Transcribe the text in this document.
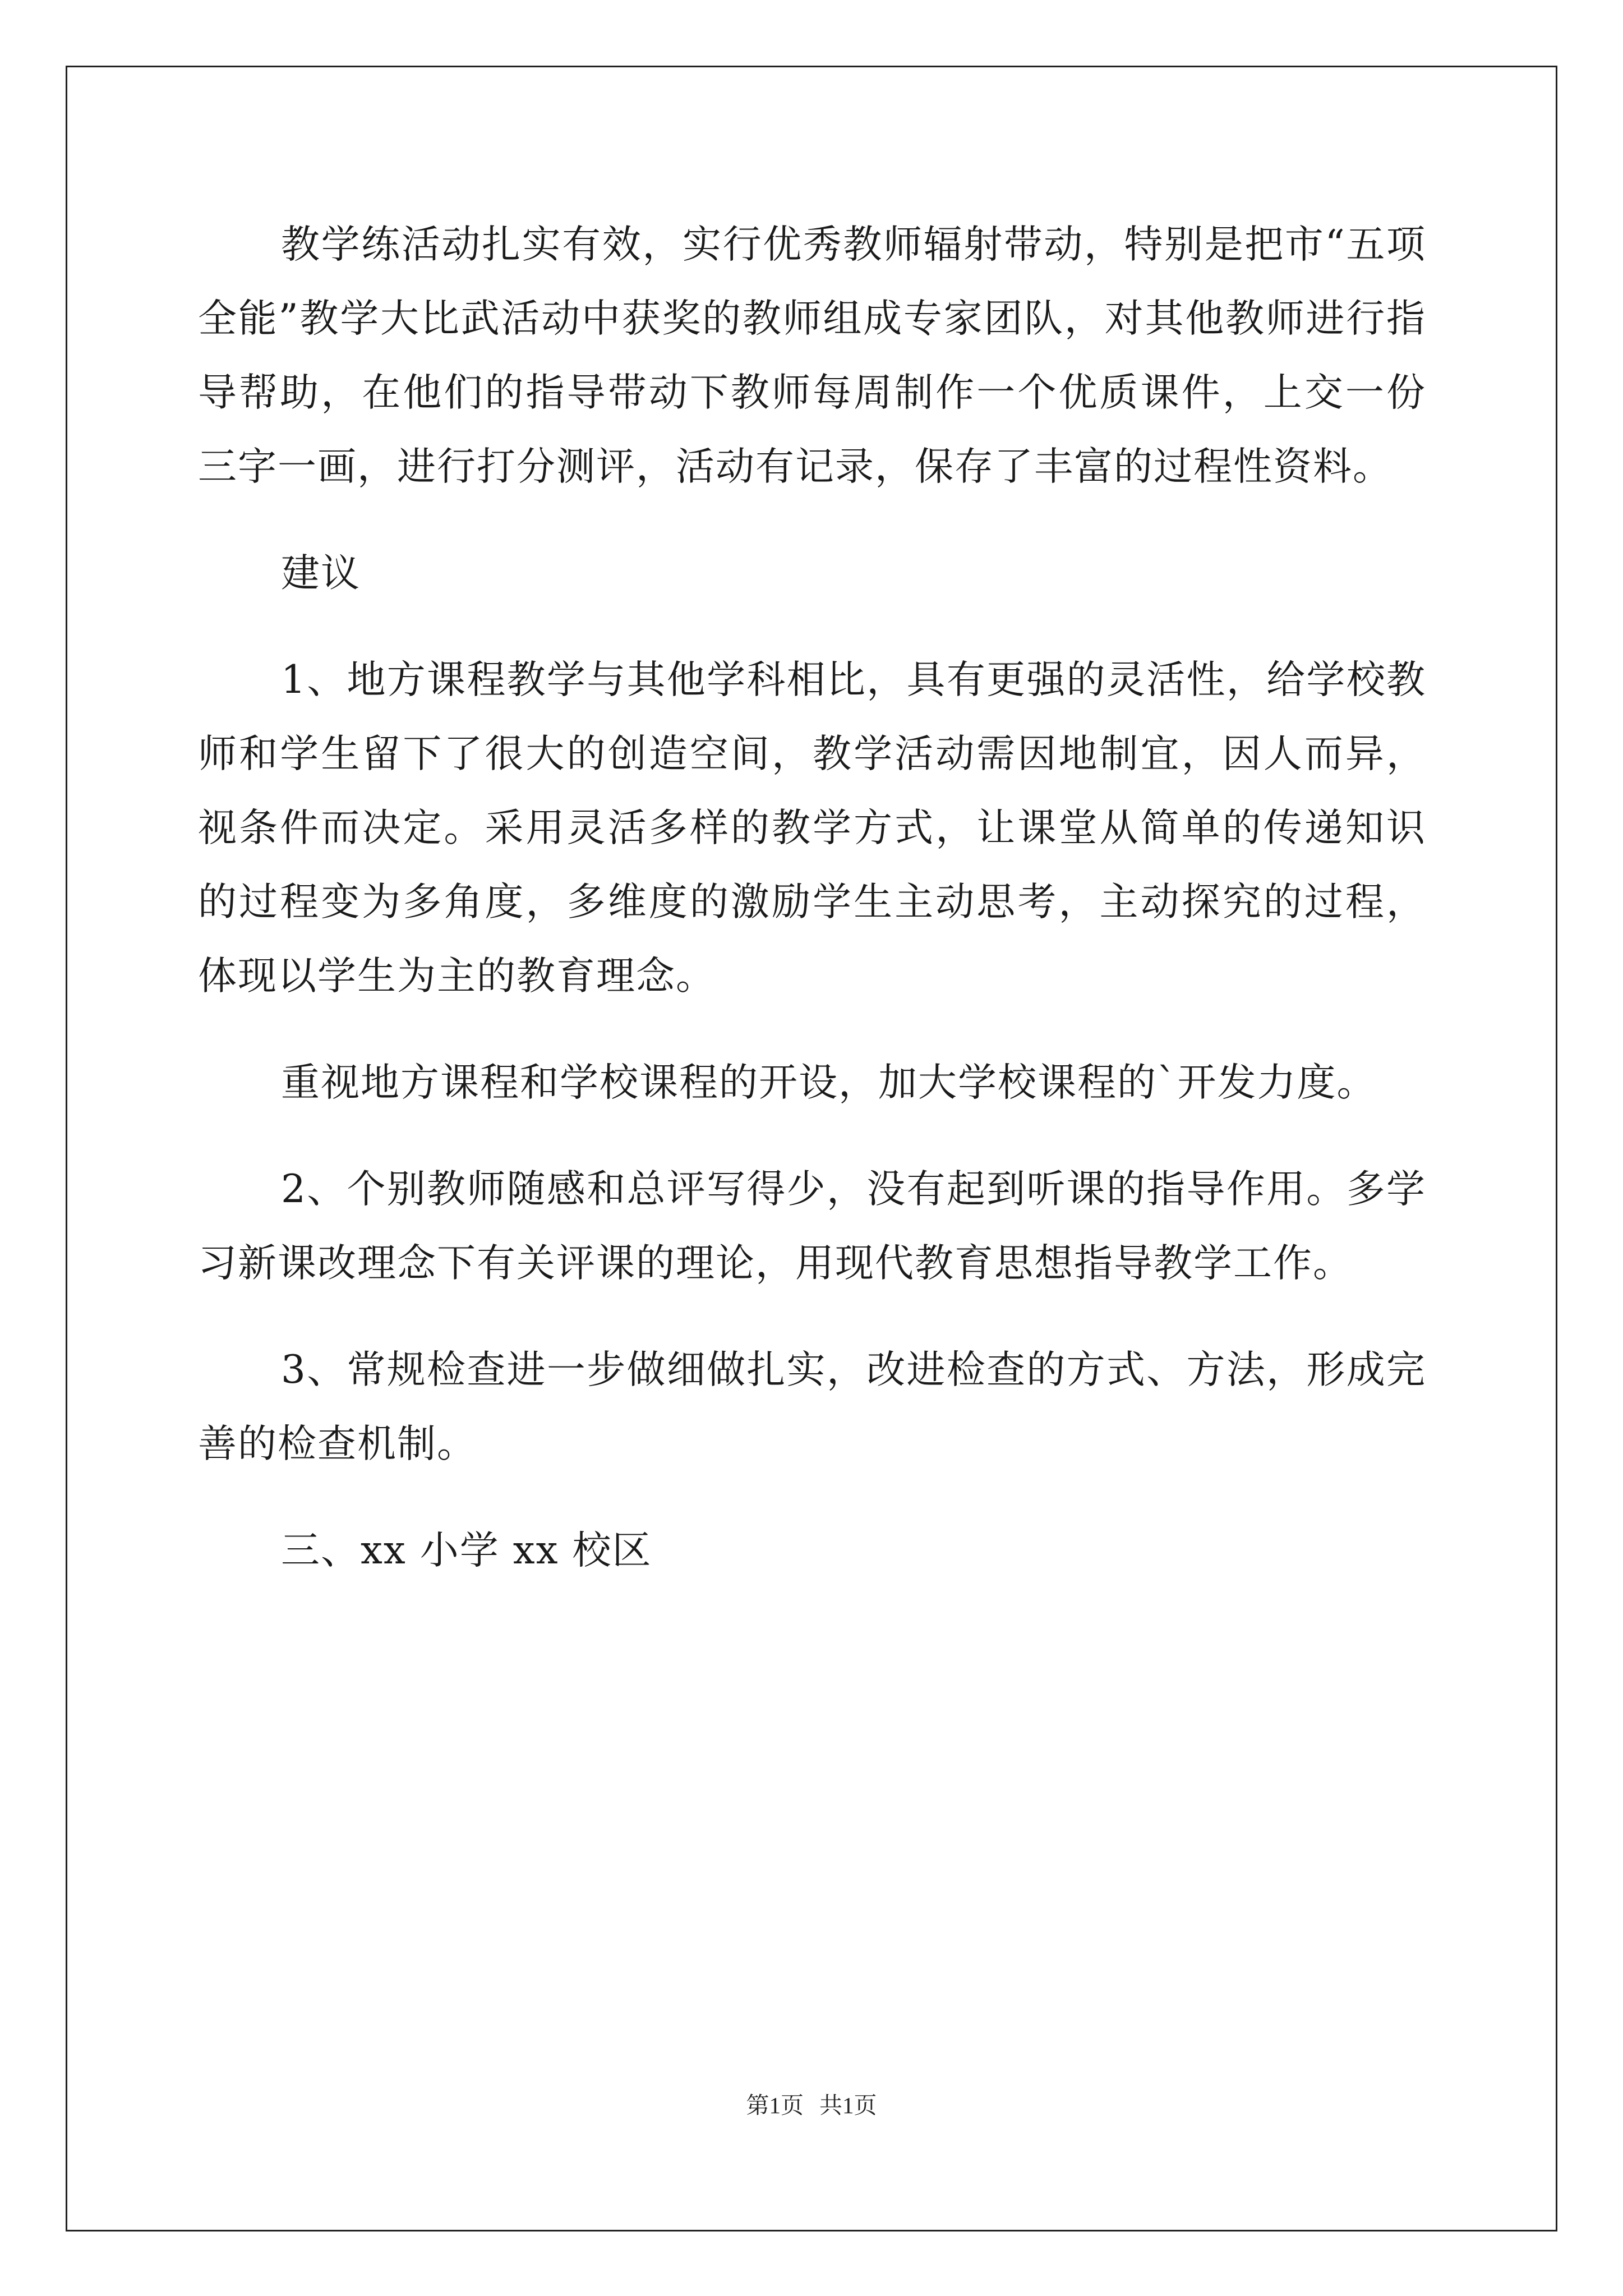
教学练活动扎实有效，实行优秀教师辐射带动，特别是把市“五项全能”教学大比武活动中获奖的教师组成专家团队，对其他教师进行指导帮助，在他们的指导带动下教师每周制作一个优质课件，上交一份三字一画，进行打分测评，活动有记录，保存了丰富的过程性资料。

建议

1、地方课程教学与其他学科相比，具有更强的灵活性，给学校教师和学生留下了很大的创造空间，教学活动需因地制宜，因人而异，视条件而决定。采用灵活多样的教学方式，让课堂从简单的传递知识的过程变为多角度，多维度的激励学生主动思考，主动探究的过程，体现以学生为主的教育理念。

重视地方课程和学校课程的开设，加大学校课程的`开发力度。

2、个别教师随感和总评写得少，没有起到听课的指导作用。多学习新课改理念下有关评课的理论，用现代教育思想指导教学工作。

3、常规检查进一步做细做扎实，改进检查的方式、方法，形成完善的检查机制。

三、xx 小学 xx 校区

第1页 共1页
